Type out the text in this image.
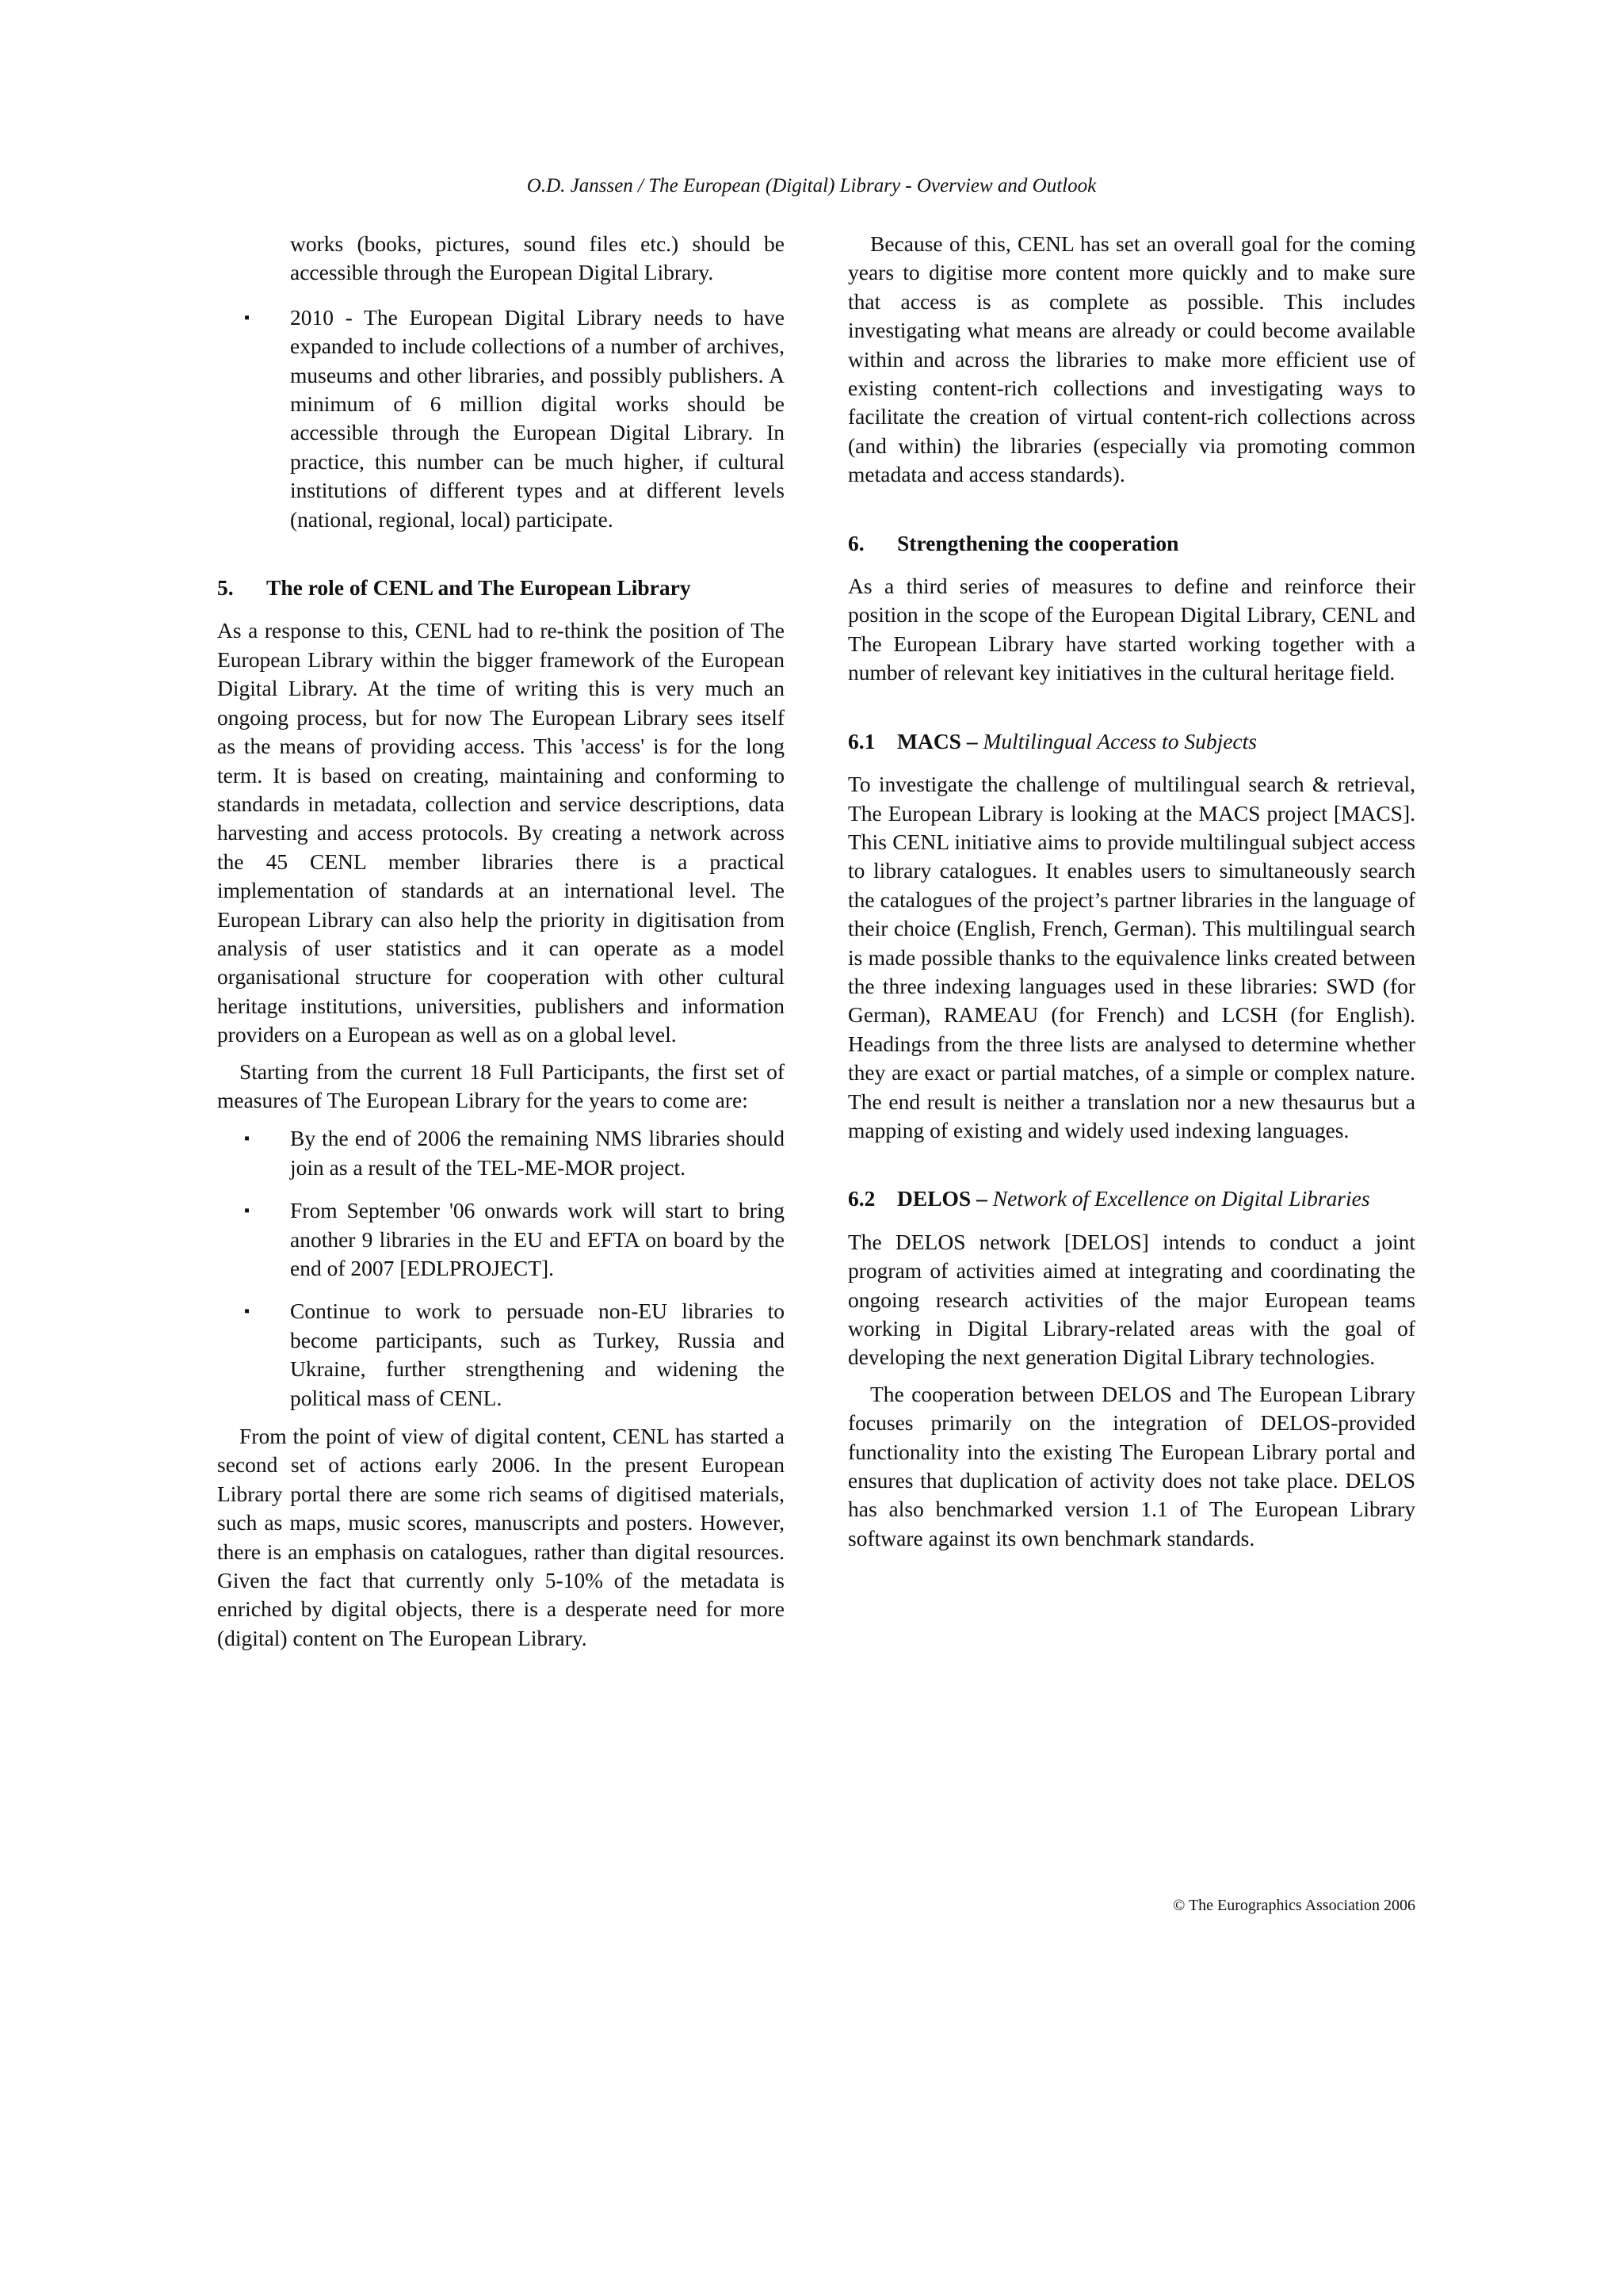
O.D. Janssen / The European (Digital) Library - Overview and Outlook

works (books, pictures, sound files etc.) should be accessible through the European Digital Library.

▪ 2010 - The European Digital Library needs to have expanded to include collections of a number of archives, museums and other libraries, and possibly publishers. A minimum of 6 million digital works should be accessible through the European Digital Library. In practice, this number can be much higher, if cultural institutions of different types and at different levels (national, regional, local) participate.
5.	The role of CENL and The European Library

As a response to this, CENL had to re-think the position of The European Library within the bigger framework of the European Digital Library. At the time of writing this is very much an ongoing process, but for now The European Library sees itself as the means of providing access. This 'access' is for the long term. It is based on creating, maintaining and conforming to standards in metadata, collection and service descriptions, data harvesting and access protocols. By creating a network across the 45 CENL member libraries there is a practical implementation of standards at an international level. The European Library can also help the priority in digitisation from analysis of user statistics and it can operate as a model organisational structure for cooperation with other cultural heritage institutions, universities, publishers and information providers on a European as well as on a global level.

Starting from the current 18 Full Participants, the first set of measures of The European Library for the years to come are:

▪ By the end of 2006 the remaining NMS libraries should join as a result of the TEL-ME-MOR project.
▪ From September '06 onwards work will start to bring another 9 libraries in the EU and EFTA on board by the end of 2007 [EDLPROJECT].
▪ Continue to work to persuade non-EU libraries to become participants, such as Turkey, Russia and Ukraine, further strengthening and widening the political mass of CENL.

From the point of view of digital content, CENL has started a second set of actions early 2006. In the present European Library portal there are some rich seams of digitised materials, such as maps, music scores, manuscripts and posters. However, there is an emphasis on catalogues, rather than digital resources. Given the fact that currently only 5-10% of the metadata is enriched by digital objects, there is a desperate need for more (digital) content on The European Library.

Because of this, CENL has set an overall goal for the coming years to digitise more content more quickly and to make sure that access is as complete as possible. This includes investigating what means are already or could become available within and across the libraries to make more efficient use of existing content-rich collections and investigating ways to facilitate the creation of virtual content-rich collections across (and within) the libraries (especially via promoting common metadata and access standards).

6.	Strengthening the cooperation

As a third series of measures to define and reinforce their position in the scope of the European Digital Library, CENL and The European Library have started working together with a number of relevant key initiatives in the cultural heritage field.

6.1	MACS – Multilingual Access to Subjects

To investigate the challenge of multilingual search & retrieval, The European Library is looking at the MACS project [MACS]. This CENL initiative aims to provide multilingual subject access to library catalogues. It enables users to simultaneously search the catalogues of the project’s partner libraries in the language of their choice (English, French, German). This multilingual search is made possible thanks to the equivalence links created between the three indexing languages used in these libraries: SWD (for German), RAMEAU (for French) and LCSH (for English). Headings from the three lists are analysed to determine whether they are exact or partial matches, of a simple or complex nature. The end result is neither a translation nor a new thesaurus but a mapping of existing and widely used indexing languages.

6.2	DELOS – Network of Excellence on Digital Libraries

The DELOS network [DELOS] intends to conduct a joint program of activities aimed at integrating and coordinating the ongoing research activities of the major European teams working in Digital Library-related areas with the goal of developing the next generation Digital Library technologies.

The cooperation between DELOS and The European Library focuses primarily on the integration of DELOS-provided functionality into the existing The European Library portal and ensures that duplication of activity does not take place. DELOS has also benchmarked version 1.1 of The European Library software against its own benchmark standards.

© The Eurographics Association 2006
